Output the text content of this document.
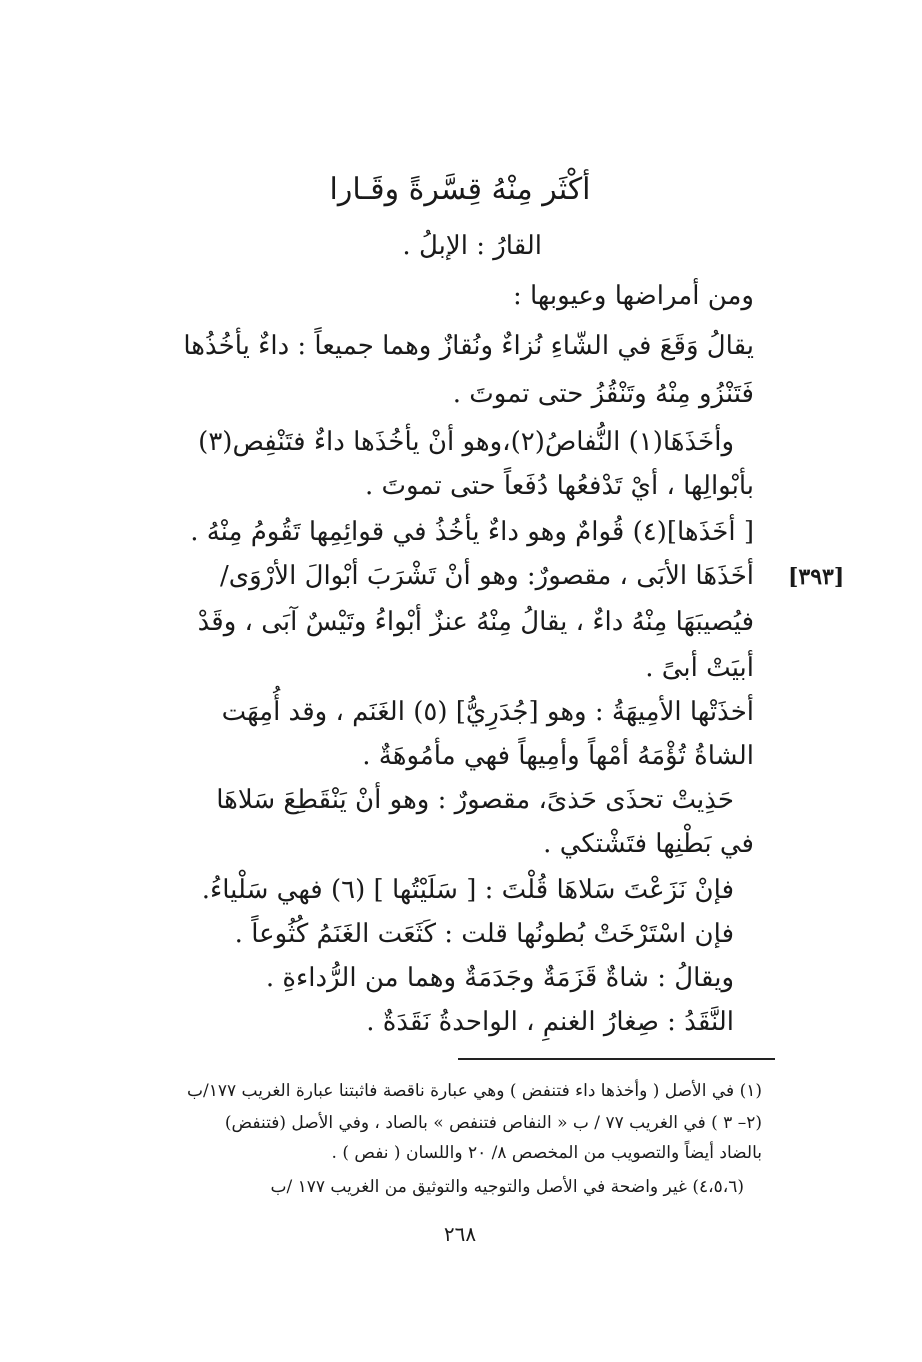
أكْثَر مِنْهُ قِسَّرةً وقَـارا
القارُ : الإبلُ .
ومن أمراضها وعيوبها :
يقالُ وَقَعَ في الشّاءِ نُزاءٌ ونُقازٌ وهما جميعاً : داءٌ يأخُذُها
فَتَنْزُو مِنْهُ وتَنْقُزُ حتى تموتَ .
وأخَذَهَا(١) النُّفاصُ(٢)،وهو أنْ يأخُذَها داءٌ فتَنْفِص(٣)
بأبْوالِها ، أيْ تَدْفعُها دُفَعاً حتى تموتَ .
[ أخَذَها](٤) قُوامٌ وهو داءٌ يأخُذُ في قوائِمِها تَقُومُ مِنْهُ .
أخَذَهَا الأبَى ، مقصورٌ: وهو أنْ تَشْرَبَ أبْوالَ الأرْوَى/
فيُصيبَهَا مِنْهُ داءٌ ، يقالُ مِنْهُ عنزٌ أبْواءُ وتَيْسٌ آبَى ، وقَدْ
أبيَتْ أبىً .
أخذَتْها الأمِيهَةُ : وهو [جُدَرِيُّ] (٥) الغَنَم ، وقد أُمِهَت
الشاةُ تُؤْمَهُ أمْهاً وأمِيهاً فهي مأمُوهَةٌ .
حَذِيتْ تحذَى حَذىً، مقصورٌ : وهو أنْ يَنْقَطِعَ سَلاهَا
في بَطْنِها فتَشْتكي .
فإنْ نَزَعْتَ سَلاهَا قُلْتَ : [ سَلَيْتُها ] (٦) فهي سَلْياءُ.
فإن اسْتَرْخَتْ بُطونُها قلت : كَثَعَت الغَنَمُ كُثُوعاً .
ويقالُ : شاةٌ قَزَمَةٌ وجَدَمَةٌ وهما من الرُّداءةِ .
النَّقَدُ : صِغارُ الغنمِ ، الواحدةُ نَقَدَةٌ .
[٣٩٣]
(١) في الأصل ( وأخذها داء فتنفض ) وهي عبارة ناقصة فاثبتنا عبارة الغريب ١٧٧/ب
(٢– ٣ ) في الغريب ٧٧ / ب « النفاص فتنفص » بالصاد ، وفي الأصل (فتنفض)
بالضاد أيضاً والتصويب من المخصص ٨/ ٢٠ واللسان ( نفص ) .
(٤،٥،٦) غير واضحة في الأصل والتوجيه والتوثيق من الغريب ١٧٧ /ب
٢٦٨
